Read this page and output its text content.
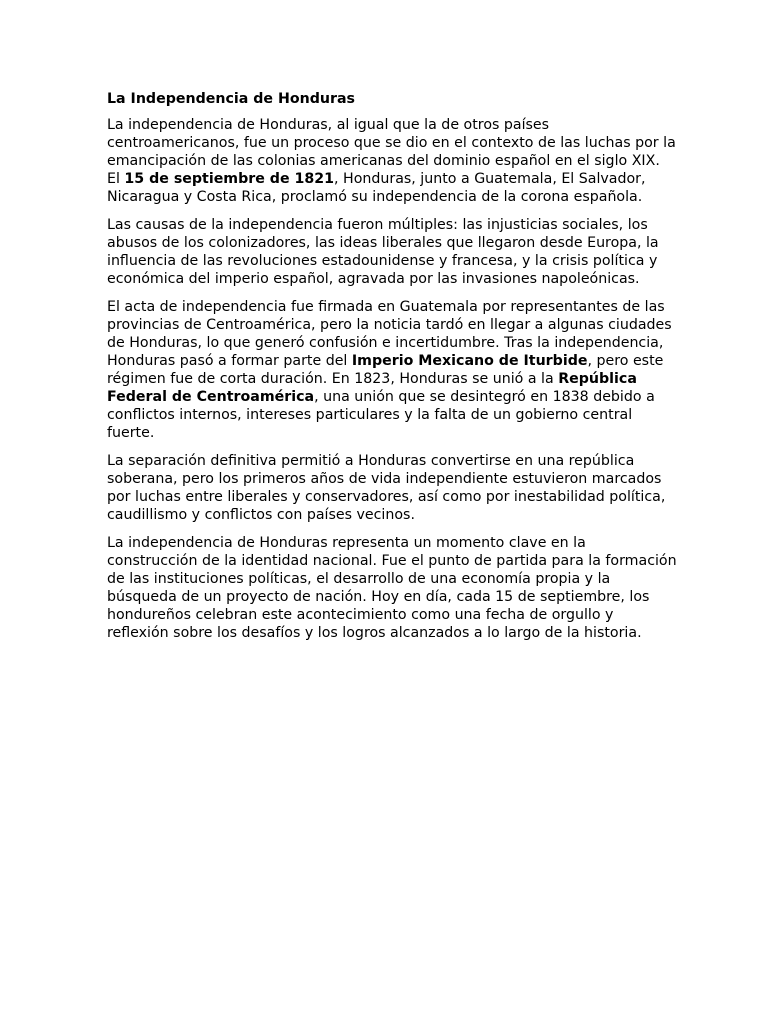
La Independencia de Honduras
La independencia de Honduras, al igual que la de otros países
centroamericanos, fue un proceso que se dio en el contexto de las luchas por la
emancipación de las colonias americanas del dominio español en el siglo XIX.
El 15 de septiembre de 1821, Honduras, junto a Guatemala, El Salvador,
Nicaragua y Costa Rica, proclamó su independencia de la corona española.
Las causas de la independencia fueron múltiples: las injusticias sociales, los
abusos de los colonizadores, las ideas liberales que llegaron desde Europa, la
influencia de las revoluciones estadounidense y francesa, y la crisis política y
económica del imperio español, agravada por las invasiones napoleónicas.
El acta de independencia fue firmada en Guatemala por representantes de las
provincias de Centroamérica, pero la noticia tardó en llegar a algunas ciudades
de Honduras, lo que generó confusión e incertidumbre. Tras la independencia,
Honduras pasó a formar parte del Imperio Mexicano de Iturbide, pero este
régimen fue de corta duración. En 1823, Honduras se unió a la República
Federal de Centroamérica, una unión que se desintegró en 1838 debido a
conflictos internos, intereses particulares y la falta de un gobierno central
fuerte.
La separación definitiva permitió a Honduras convertirse en una república
soberana, pero los primeros años de vida independiente estuvieron marcados
por luchas entre liberales y conservadores, así como por inestabilidad política,
caudillismo y conflictos con países vecinos.
La independencia de Honduras representa un momento clave en la
construcción de la identidad nacional. Fue el punto de partida para la formación
de las instituciones políticas, el desarrollo de una economía propia y la
búsqueda de un proyecto de nación. Hoy en día, cada 15 de septiembre, los
hondureños celebran este acontecimiento como una fecha de orgullo y
reflexión sobre los desafíos y los logros alcanzados a lo largo de la historia.
